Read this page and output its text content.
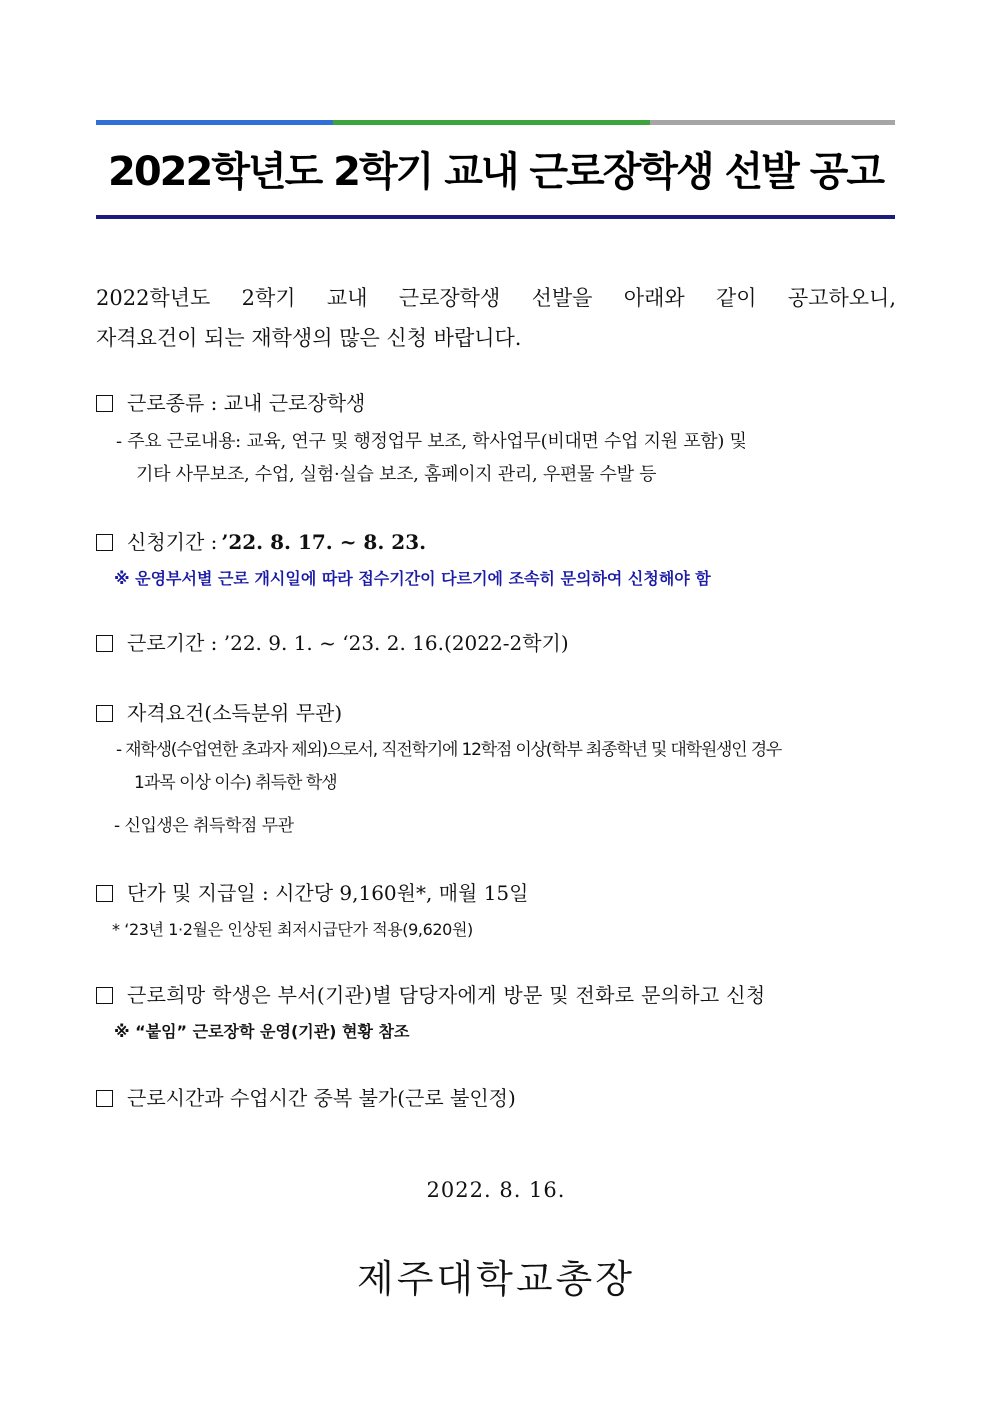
2022학년도 2학기 교내 근로장학생 선발 공고
2022학년도 2학기 교내 근로장학생 선발을 아래와 같이 공고하오니,
자격요건이 되는 재학생의 많은 신청 바랍니다.
근로종류 : 교내 근로장학생
- 주요 근로내용: 교육, 연구 및 행정업무 보조, 학사업무(비대면 수업 지원 포함) 및
기타 사무보조, 수업, 실험·실습 보조, 홈페이지 관리, 우편물 수발 등
신청기간 : ’22. 8. 17. ~ 8. 23.
※ 운영부서별 근로 개시일에 따라 접수기간이 다르기에 조속히 문의하여 신청해야 함
근로기간 : ’22. 9. 1. ~ ‘23. 2. 16.(2022-2학기)
자격요건(소득분위 무관)
- 재학생(수업연한 초과자 제외)으로서, 직전학기에 12학점 이상(학부 최종학년 및 대학원생인 경우
1과목 이상 이수) 취득한 학생
- 신입생은 취득학점 무관
단가 및 지급일 : 시간당 9,160원*, 매월 15일
* ‘23년 1·2월은 인상된 최저시급단가 적용(9,620원)
근로희망 학생은 부서(기관)별 담당자에게 방문 및 전화로 문의하고 신청
※ “붙임” 근로장학 운영(기관) 현황 참조
근로시간과 수업시간 중복 불가(근로 불인정)
2022. 8. 16.
제주대학교총장
